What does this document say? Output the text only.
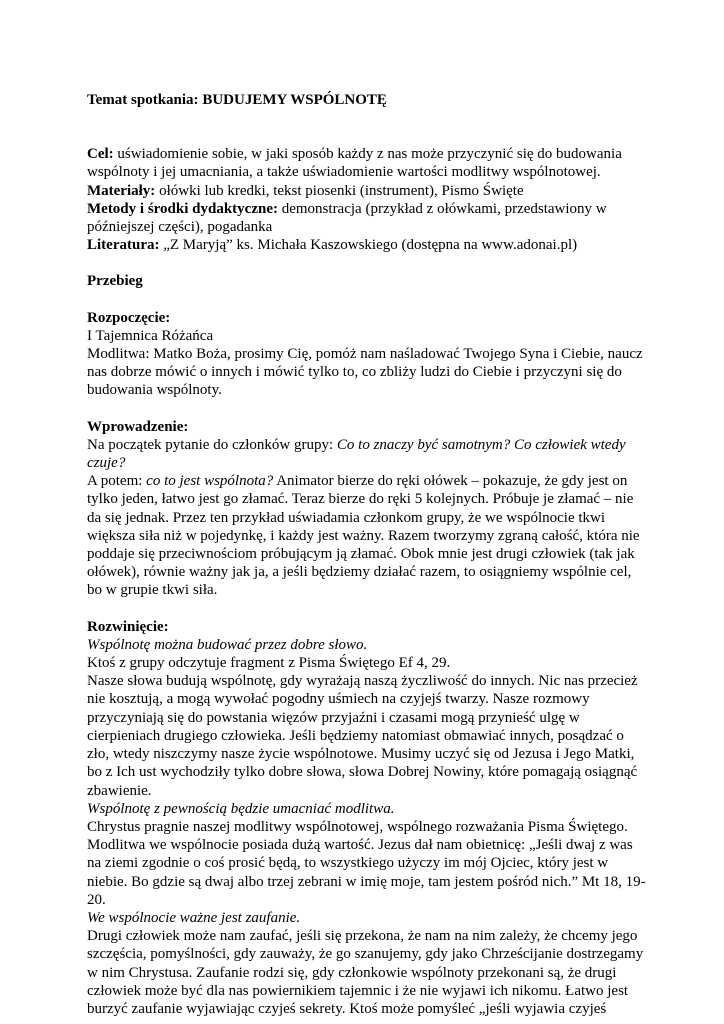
Temat spotkania: BUDUJEMY WSPÓLNOTĘ

Cel: uświadomienie sobie, w jaki sposób każdy z nas może przyczynić się do budowania wspólnoty i jej umacniania, a także uświadomienie wartości modlitwy wspólnotowej.

Materiały: ołówki lub kredki, tekst piosenki (instrument), Pismo Święte

Metody i środki dydaktyczne: demonstracja (przykład z ołówkami, przedstawiony w późniejszej części), pogadanka

Literatura: „Z Maryją” ks. Michała Kaszowskiego (dostępna na www.adonai.pl)

Przebieg

Rozpoczęcie:

I Tajemnica Różańca

Modlitwa: Matko Boża, prosimy Cię, pomóż nam naśladować Twojego Syna i Ciebie, naucz nas dobrze mówić o innych i mówić tylko to, co zbliży ludzi do Ciebie i przyczyni się do budowania wspólnoty.

Wprowadzenie:

Na początek pytanie do członków grupy: Co to znaczy być samotnym? Co człowiek wtedy czuje?

A potem: co to jest wspólnota? Animator bierze do ręki ołówek – pokazuje, że gdy jest on tylko jeden, łatwo jest go złamać. Teraz bierze do ręki 5 kolejnych. Próbuje je złamać – nie da się jednak. Przez ten przykład uświadamia członkom grupy, że we wspólnocie tkwi większa siła niż w pojedynkę, i każdy jest ważny. Razem tworzymy zgraną całość, która nie poddaje się przeciwnościom próbującym ją złamać. Obok mnie jest drugi człowiek (tak jak ołówek), równie ważny jak ja, a jeśli będziemy działać razem, to osiągniemy wspólnie cel, bo w grupie tkwi siła.

Rozwinięcie:

Wspólnotę można budować przez dobre słowo.

Ktoś z grupy odczytuje fragment z Pisma Świętego Ef 4, 29.

Nasze słowa budują wspólnotę, gdy wyrażają naszą życzliwość do innych. Nic nas przecież nie kosztują, a mogą wywołać pogodny uśmiech na czyjejś twarzy. Nasze rozmowy przyczyniają się do powstania więzów przyjaźni i czasami mogą przynieść ulgę w cierpieniach drugiego człowieka. Jeśli będziemy natomiast obmawiać innych, posądzać o zło, wtedy niszczymy nasze życie wspólnotowe. Musimy uczyć się od Jezusa i Jego Matki, bo z Ich ust wychodziły tylko dobre słowa, słowa Dobrej Nowiny, które pomagają osiągnąć zbawienie.

Wspólnotę z pewnością będzie umacniać modlitwa.

Chrystus pragnie naszej modlitwy wspólnotowej, wspólnego rozważania Pisma Świętego. Modlitwa we wspólnocie posiada dużą wartość. Jezus dał nam obietnicę: „Jeśli dwaj z was na ziemi zgodnie o coś prosić będą, to wszystkiego użyczy im mój Ojciec, który jest w niebie. Bo gdzie są dwaj albo trzej zebrani w imię moje, tam jestem pośród nich.” Mt 18, 19-20.

We wspólnocie ważne jest zaufanie.

Drugi człowiek może nam zaufać, jeśli się przekona, że nam na nim zależy, że chcemy jego szczęścia, pomyślności, gdy zauważy, że go szanujemy, gdy jako Chrześcijanie dostrzegamy w nim Chrystusa. Zaufanie rodzi się, gdy członkowie wspólnoty przekonani są, że drugi człowiek może być dla nas powiernikiem tajemnic i że nie wyjawi ich nikomu. Łatwo jest burzyć zaufanie wyjawiając czyjeś sekrety. Ktoś może pomyśleć „jeśli wyjawia czyjeś
